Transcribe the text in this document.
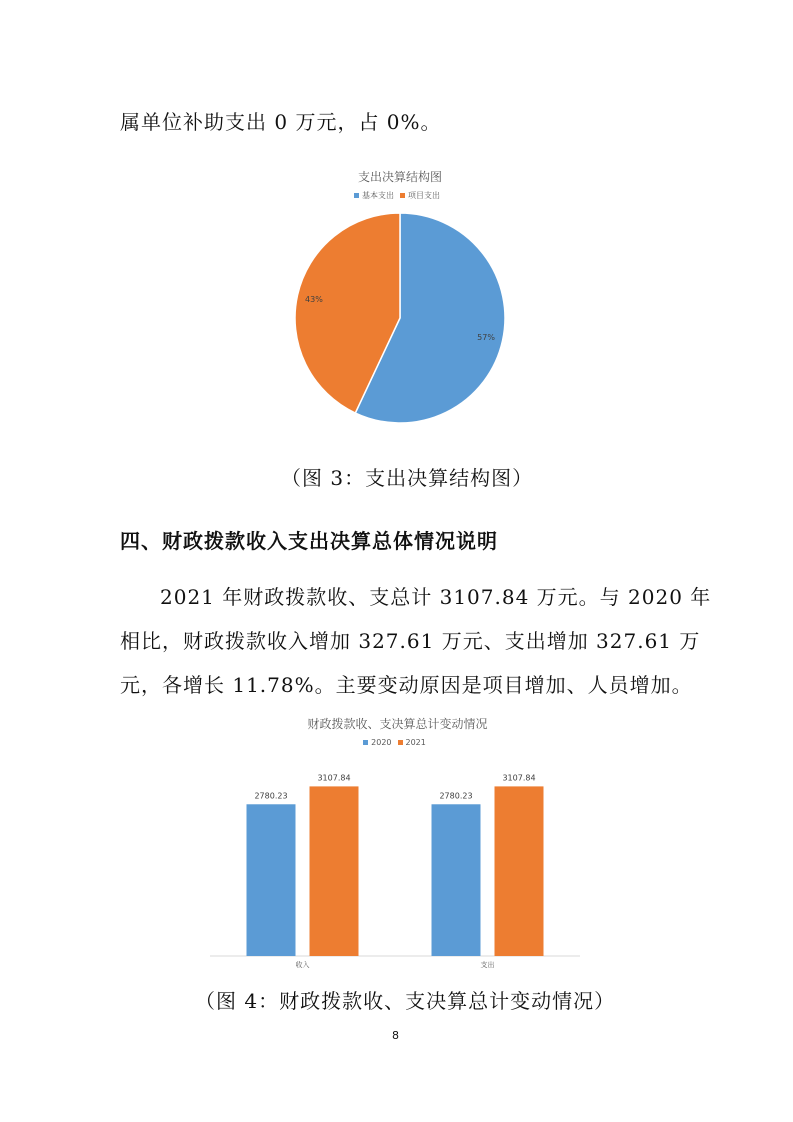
属单位补助支出 0 万元，占 0%。
支出决算结构图
基本支出 项目支出
57%
43%
（图 3：支出决算结构图）
四、财政拨款收入支出决算总体情况说明
2021 年财政拨款收、支总计 3107.84 万元。与 2020 年
相比，财政拨款收入增加 327.61 万元、支出增加 327.61 万
元，各增长 11.78%。主要变动原因是项目增加、人员增加。
财政拨款收、支决算总计变动情况
2020 2021
2780.23
3107.84
收入
2780.23
3107.84
支出
（图 4：财政拨款收、支决算总计变动情况）
8
